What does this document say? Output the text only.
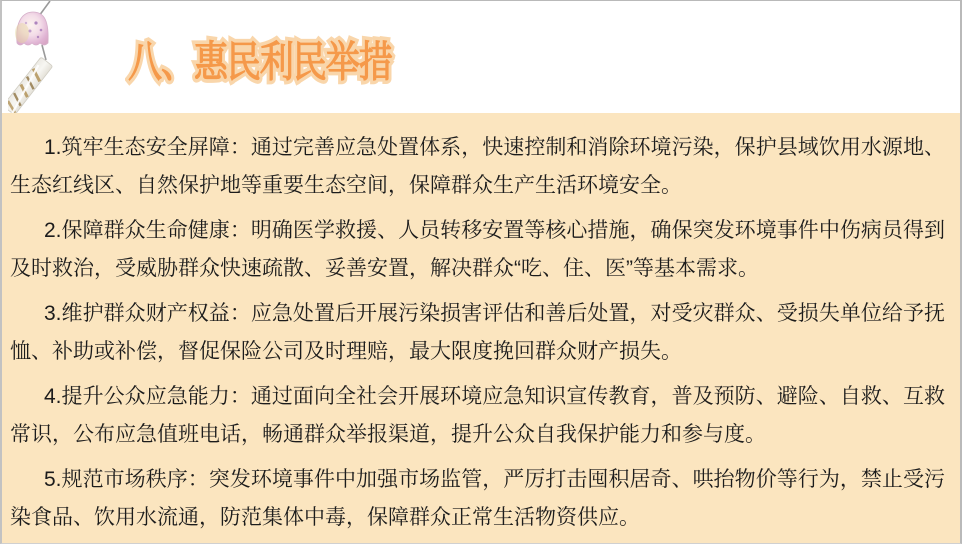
八、惠民利民举措 八、惠民利民举措

1.筑牢生态安全屏障：通过完善应急处置体系，快速控制和消除环境污染，保护县域饮用水源地、生态红线区、自然保护地等重要生态空间，保障群众生产生活环境安全。

2.保障群众生命健康：明确医学救援、人员转移安置等核心措施，确保突发环境事件中伤病员得到及时救治，受威胁群众快速疏散、妥善安置，解决群众“吃、住、医”等基本需求。

3.维护群众财产权益：应急处置后开展污染损害评估和善后处置，对受灾群众、受损失单位给予抚恤、补助或补偿，督促保险公司及时理赔，最大限度挽回群众财产损失。

4.提升公众应急能力：通过面向全社会开展环境应急知识宣传教育，普及预防、避险、自救、互救常识，公布应急值班电话，畅通群众举报渠道，提升公众自我保护能力和参与度。

5.规范市场秩序：突发环境事件中加强市场监管，严厉打击囤积居奇、哄抬物价等行为，禁止受污染食品、饮用水流通，防范集体中毒，保障群众正常生活物资供应。
